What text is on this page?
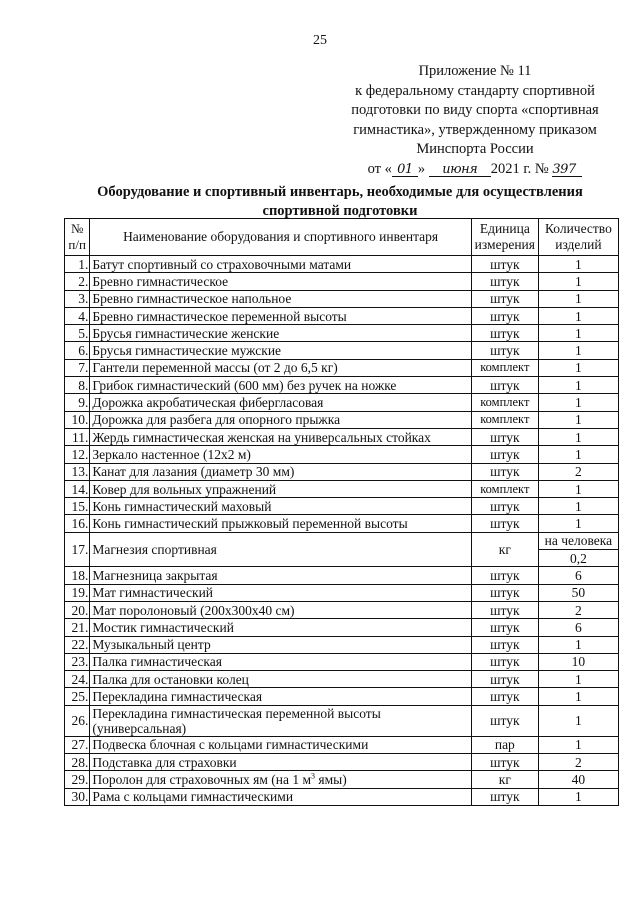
25
Приложение № 11
к федеральному стандарту спортивной
подготовки по виду спорта «спортивная
гимнастика», утвержденному приказом
Минспорта России
от « 01 » июня 2021 г. № 397
Оборудование и спортивный инвентарь, необходимые для осуществления
спортивной подготовки
№ п/п	Наименование оборудования и спортивного инвентаря	Единица измерения	Количество изделий
1.	Батут спортивный со страховочными матами	штук	1
2.	Бревно гимнастическое	штук	1
3.	Бревно гимнастическое напольное	штук	1
4.	Бревно гимнастическое переменной высоты	штук	1
5.	Брусья гимнастические женские	штук	1
6.	Брусья гимнастические мужские	штук	1
7.	Гантели переменной массы (от 2 до 6,5 кг)	комплект	1
8.	Грибок гимнастический (600 мм) без ручек на ножке	штук	1
9.	Дорожка акробатическая фибергласовая	комплект	1
10.	Дорожка для разбега для опорного прыжка	комплект	1
11.	Жердь гимнастическая женская на универсальных стойках	штук	1
12.	Зеркало настенное (12х2 м)	штук	1
13.	Канат для лазания (диаметр 30 мм)	штук	2
14.	Ковер для вольных упражнений	комплект	1
15.	Конь гимнастический маховый	штук	1
16.	Конь гимнастический прыжковый переменной высоты	штук	1
17.	Магнезия спортивная	кг	на человека
			0,2
18.	Магнезница закрытая	штук	6
19.	Мат гимнастический	штук	50
20.	Мат поролоновый (200х300х40 см)	штук	2
21.	Мостик гимнастический	штук	6
22.	Музыкальный центр	штук	1
23.	Палка гимнастическая	штук	10
24.	Палка для остановки колец	штук	1
25.	Перекладина гимнастическая	штук	1
26.	Перекладина гимнастическая переменной высоты (универсальная)	штук	1
27.	Подвеска блочная с кольцами гимнастическими	пар	1
28.	Подставка для страховки	штук	2
29.	Поролон для страховочных ям (на 1 $м^3$ ямы)	кг	40
30.	Рама с кольцами гимнастическими	штук	1
